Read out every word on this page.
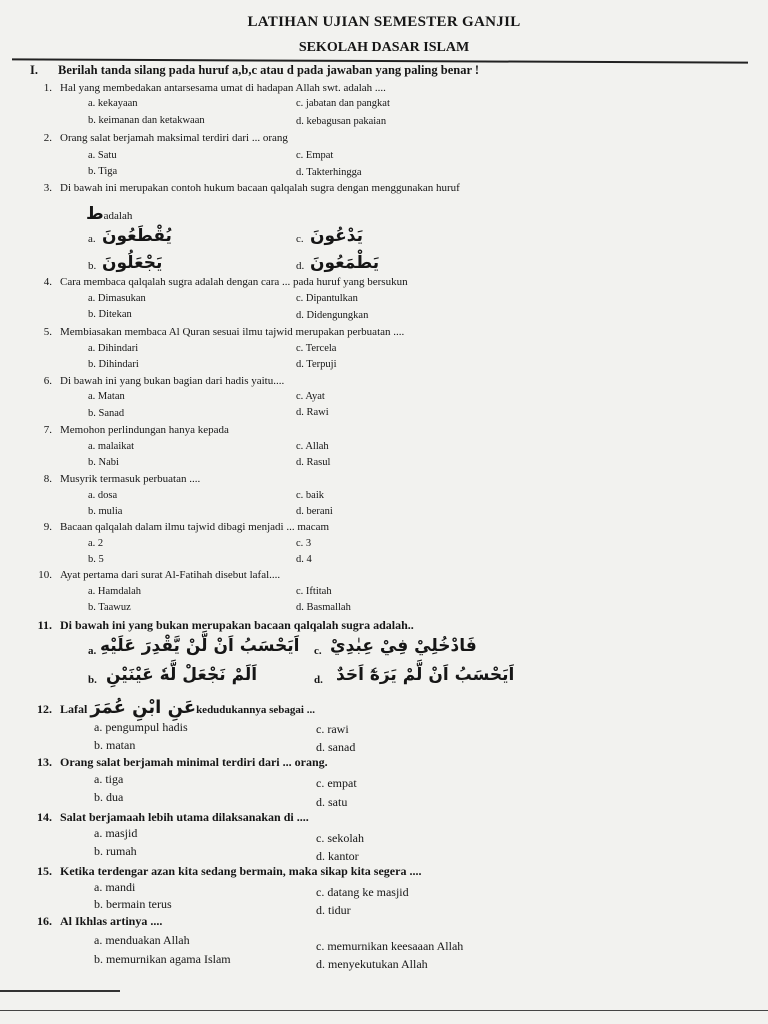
LATIHAN UJIAN SEMESTER GANJIL
SEKOLAH DASAR ISLAM
I. Berilah tanda silang pada huruf a,b,c atau d pada jawaban yang paling benar !
1. Hal yang membedakan antarsesama umat di hadapan Allah swt. adalah ....
a. kekayaan	c. jabatan dan pangkat
b. keimanan dan ketakwaan	d. kebagusan pakaian
2. Orang salat berjamah maksimal terdiri dari ... orang
a. Satu	c. Empat
b. Tiga	d. Takterhingga
3. Di bawah ini merupakan contoh hukum bacaan qalqalah sugra dengan menggunakan huruf
طadalah
a. يُقْطَعُونَ	c. يَدْعُونَ
b. يَجْعَلُونَ	d. يَطْمَعُونَ
4. Cara membaca qalqalah sugra adalah dengan cara ... pada huruf yang bersukun
a. Dimasukan	c. Dipantulkan
b. Ditekan	d. Didengungkan
5. Membiasakan membaca Al Quran sesuai ilmu tajwid merupakan perbuatan ....
a. Dihindari	c. Tercela
b. Dihindari	d. Terpuji
6. Di bawah ini yang bukan bagian dari hadis yaitu....
a. Matan	c. Ayat
b. Sanad	d. Rawi
7. Memohon perlindungan hanya kepada
a. malaikat	c. Allah
b. Nabi	d. Rasul
8. Musyrik termasuk perbuatan ....
a. dosa	c. baik
b. mulia	d. berani
9. Bacaan qalqalah dalam ilmu tajwid dibagi menjadi ... macam
a. 2	c. 3
b. 5	d. 4
10. Ayat pertama dari surat Al-Fatihah disebut lafal....
a. Hamdalah	c. Iftitah
b. Taawuz	d. Basmallah
11. Di bawah ini yang bukan merupakan bacaan qalqalah sugra adalah..
a. اَيَحْسَبُ اَنْ لَّنْ يَّقْدِرَ عَلَيْهِ c. فَادْخُلِيْ فِيْ عِبٰدِيْ
b. اَلَمْ نَجْعَلْ لَّهٗ عَيْنَيْنِ	d. اَيَحْسَبُ اَنْ لَّمْ يَرَهٗٓ اَحَدٌ
12. Lafal عَنِ ابْنِ عُمَرَkedudukannya sebagai ...
a. pengumpul hadis	c. rawi
b. matan	d. sanad
13. Orang salat berjamah minimal terdiri dari ... orang.
a. tiga	c. empat
b. dua	d. satu
14. Salat berjamaah lebih utama dilaksanakan di ....
a. masjid	c. sekolah
b. rumah	d. kantor
15. Ketika terdengar azan kita sedang bermain, maka sikap kita segera ....
a. mandi	c. datang ke masjid
b. bermain terus	d. tidur
16. Al Ikhlas artinya ....
a. menduakan Allah	c. memurnikan keesaaan Allah
b. memurnikan agama Islam	d. menyekutukan Allah
